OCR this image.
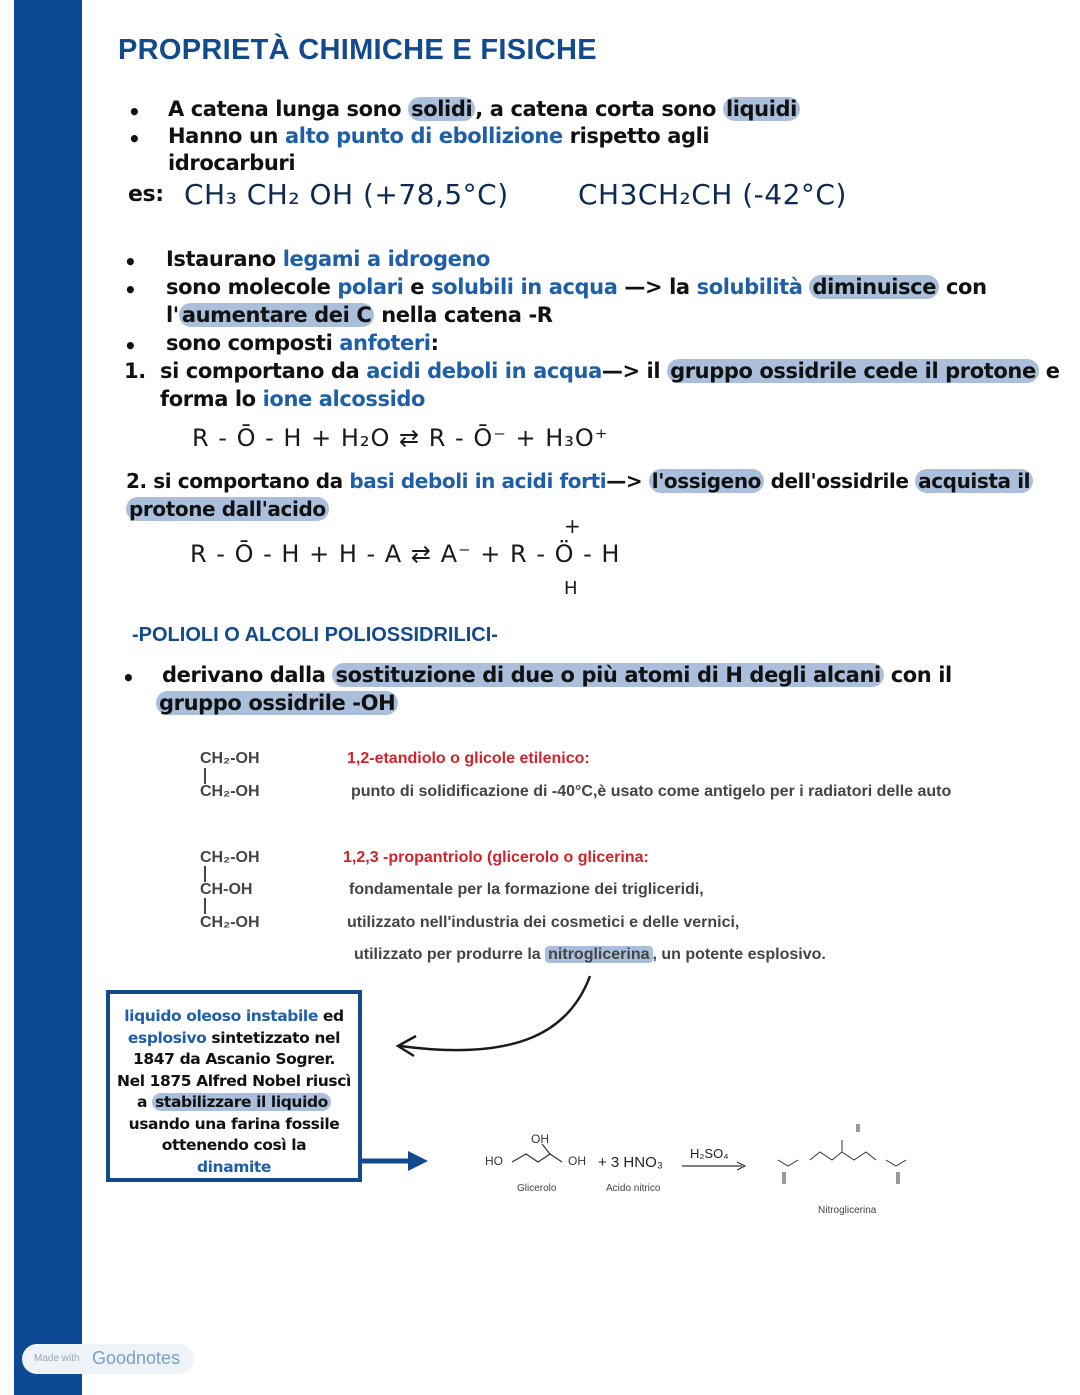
PROPRIETÀ CHIMICHE E FISICHE
• A catena lunga sono solidi , a catena corta sono liquidi
• Hanno un alto punto di ebollizione rispetto agli
idrocarburi
es: CH₃ CH₂ OH (+78,5°C) CH3CH₂CH (-42°C)
• Istaurano legami a idrogeno
• sono molecole polari e solubili in acqua —> la solubilità diminuisce con
l' aumentare dei C nella catena -R
• sono composti anfoteri:
1. si comportano da acidi deboli in acqua—> il gruppo ossidrile cede il protone e
forma lo ione alcossido
R - Ō - H + H₂O ⇄ R - Ō⁻ + H₃O⁺
2. si comportano da basi deboli in acidi forti—> l'ossigeno dell'ossidrile acquista il
protone dall'acido
+
R - Ō - H + H - A ⇄ A⁻ + R - Ö - H
H
-POLIOLI O ALCOLI POLIOSSIDRILICI-
• derivano dalla sostituzione di due o più atomi di H degli alcani con il
gruppo ossidrile -OH
CH₂-OH
CH₂-OH
1,2-etandiolo o glicole etilenico:
punto di solidificazione di -40°C,è usato come antigelo per i radiatori delle auto
CH₂-OH
CH-OH
CH₂-OH
1,2,3 -propantriolo (glicerolo o glicerina:
fondamentale per la formazione dei trigliceridi,
utilizzato nell'industria dei cosmetici e delle vernici,
utilizzato per produrre la nitroglicerina , un potente esplosivo.
liquido oleoso instabile ed
esplosivo sintetizzato nel
1847 da Ascanio Sogrer.
Nel 1875 Alfred Nobel riuscì
a stabilizzare il liquido
usando una farina fossile
ottenendo così la
dinamite
OH
HO	OH + 3 HNO₃
H₂SO₄
Glicerolo	Acido nitrico
Nitroglicerina
Made with Goodnotes
